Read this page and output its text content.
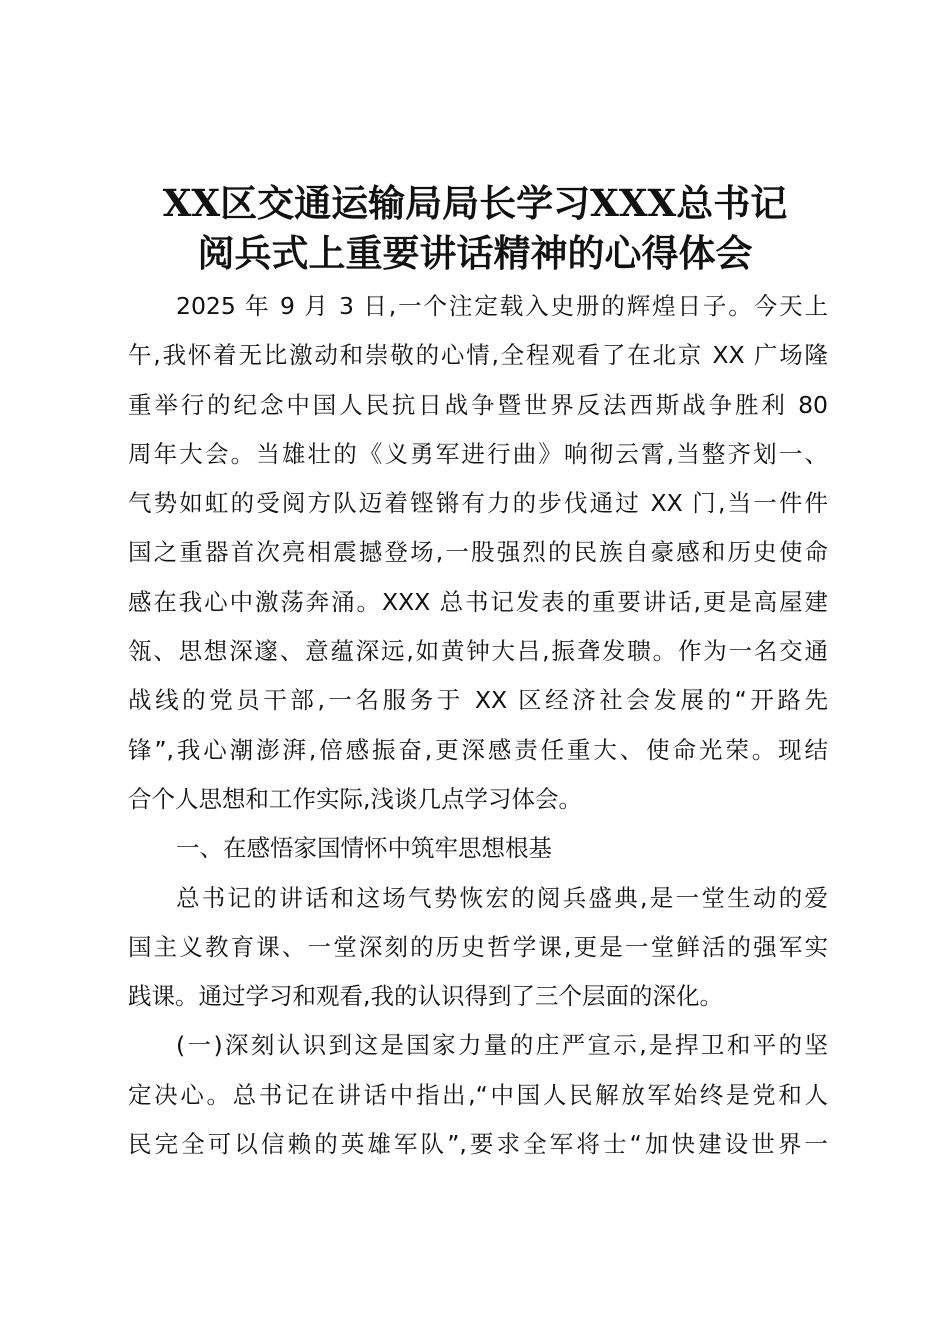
XX区交通运输局局长学习XXX总书记
阅兵式上重要讲话精神的心得体会
2025 年 9 月 3 日,一个注定载入史册的辉煌日子。今天上
午,我怀着无比激动和崇敬的心情,全程观看了在北京 XX 广场隆
重举行的纪念中国人民抗日战争暨世界反法西斯战争胜利 80
周年大会。当雄壮的《义勇军进行曲》响彻云霄,当整齐划一、
气势如虹的受阅方队迈着铿锵有力的步伐通过 XX 门,当一件件
国之重器首次亮相震撼登场,一股强烈的民族自豪感和历史使命
感在我心中激荡奔涌。XXX 总书记发表的重要讲话,更是高屋建
瓴、思想深邃、意蕴深远,如黄钟大吕,振聋发聩。作为一名交通
战线的党员干部,一名服务于 XX 区经济社会发展的“开路先
锋”,我心潮澎湃,倍感振奋,更深感责任重大、使命光荣。现结
合个人思想和工作实际,浅谈几点学习体会。
一、在感悟家国情怀中筑牢思想根基
总书记的讲话和这场气势恢宏的阅兵盛典,是一堂生动的爱
国主义教育课、一堂深刻的历史哲学课,更是一堂鲜活的强军实
践课。通过学习和观看,我的认识得到了三个层面的深化。
(一)深刻认识到这是国家力量的庄严宣示,是捍卫和平的坚
定决心。总书记在讲话中指出,“中国人民解放军始终是党和人
民完全可以信赖的英雄军队”,要求全军将士“加快建设世界一
